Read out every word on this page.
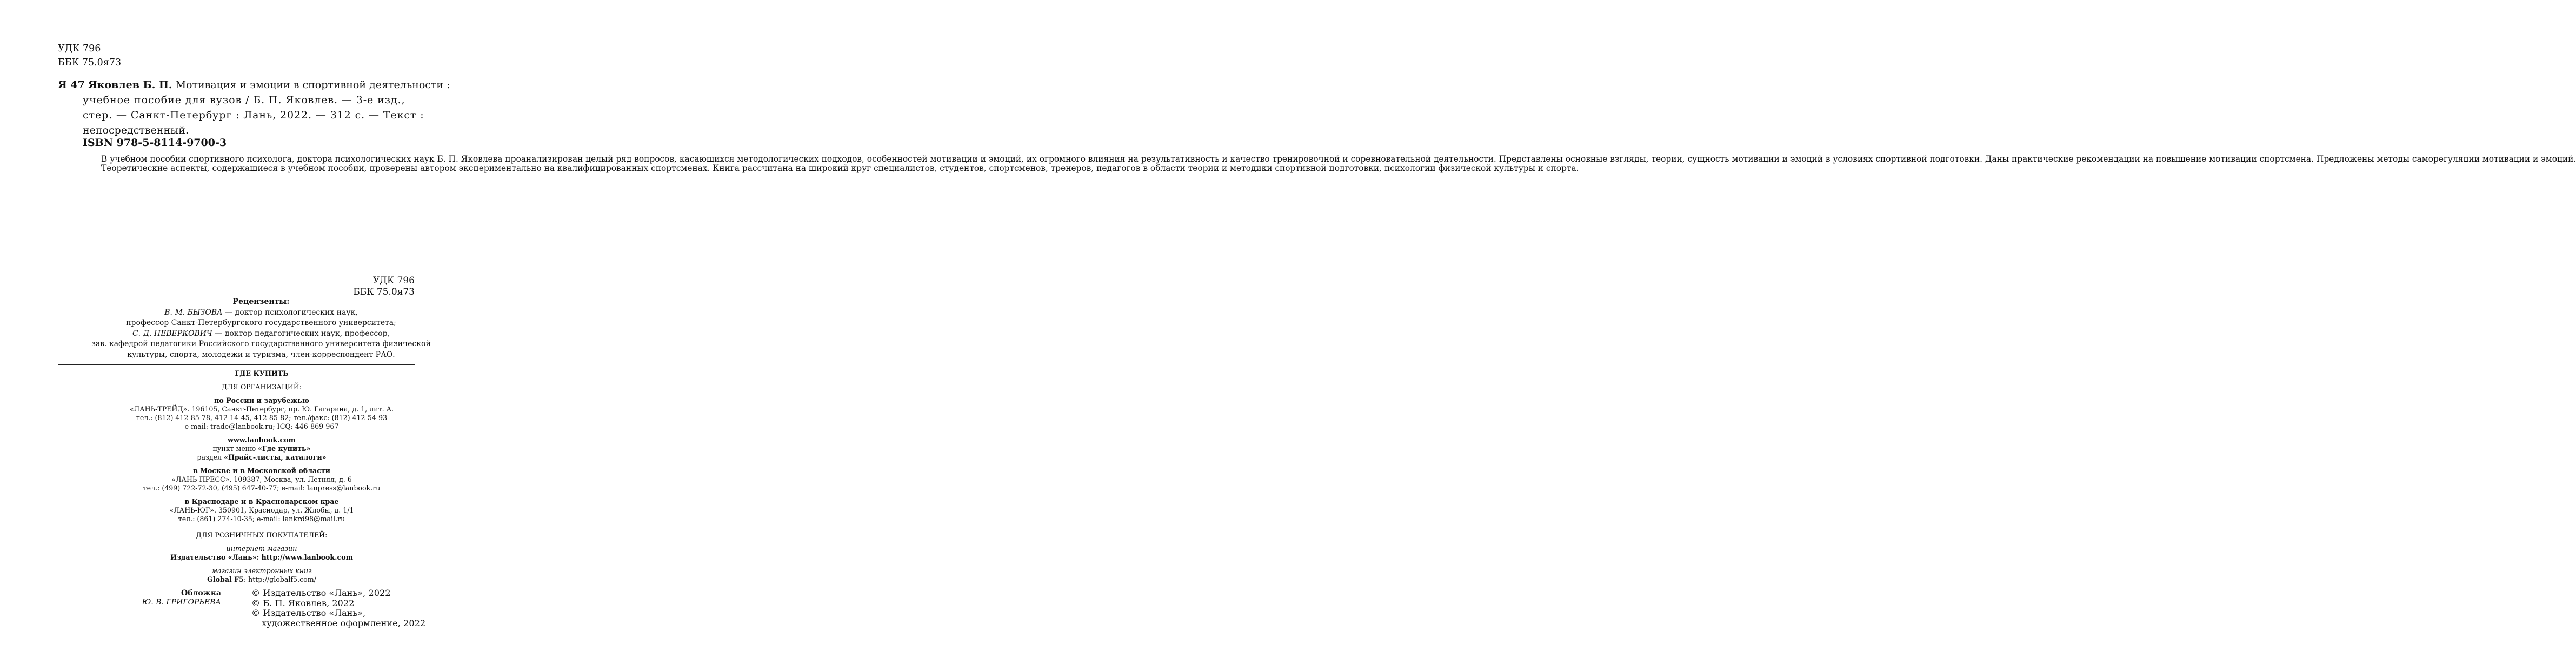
УДК 796
ББК 75.0я73
Я 47 Яковлев Б. П. Мотивация и эмоции в спортивной деятельности :
учебное пособие для вузов / Б. П. Яковлев. — 3-е изд.,
стер. — Санкт-Петербург : Лань, 2022. — 312 с. — Текст :
непосредственный.
ISBN 978-5-8114-9700-3

В учебном пособии спортивного психолога, доктора психологических наук Б. П. Яковлева проанализирован целый ряд вопросов, касающихся методологических подходов, особенностей мотивации и эмоций, их огромного влияния на результативность и качество тренировочной и соревновательной деятельности. Представлены основные взгляды, теории, сущность мотивации и эмоций в условиях спортивной подготовки. Даны практические рекомендации на повышение мотивации спортсмена. Предложены методы саморегуляции мотивации и эмоций.

Теоретические аспекты, содержащиеся в учебном пособии, проверены автором экспериментально на квалифицированных спортсменах. Книга рассчитана на широкий круг специалистов, студентов, спортсменов, тренеров, педагогов в области теории и методики спортивной подготовки, психологии физической культуры и спорта.

УДК 796
ББК 75.0я73
Рецензенты:
В. М. БЫЗОВА — доктор психологических наук,
профессор Санкт-Петербургского государственного университета;
С. Д. НЕВЕРКОВИЧ — доктор педагогических наук, профессор,
зав. кафедрой педагогики Российского государственного университета физической
культуры, спорта, молодежи и туризма, член-корреспондент РАО.
ГДЕ КУПИТЬ
ДЛЯ ОРГАНИЗАЦИЙ:
по России и зарубежью
«ЛАНЬ-ТРЕЙД». 196105, Санкт-Петербург, пр. Ю. Гагарина, д. 1, лит. А.
тел.: (812) 412-85-78, 412-14-45, 412-85-82; тел./факс: (812) 412-54-93
e-mail: trade@lanbook.ru; ICQ: 446-869-967
www.lanbook.com
пункт меню «Где купить»
раздел «Прайс-листы, каталоги»
в Москве и в Московской области
«ЛАНЬ-ПРЕСС». 109387, Москва, ул. Летняя, д. 6
тел.: (499) 722-72-30, (495) 647-40-77; e-mail: lanpress@lanbook.ru
в Краснодаре и в Краснодарском крае
«ЛАНЬ-ЮГ». 350901, Краснодар, ул. Жлобы, д. 1/1
тел.: (861) 274-10-35; e-mail: lankrd98@mail.ru
ДЛЯ РОЗНИЧНЫХ ПОКУПАТЕЛЕЙ:
интернет-магазин
Издательство «Лань»: http://www.lanbook.com
магазин электронных книг
Global F5: http://globalf5.com/
Обложка
Ю. В. ГРИГОРЬЕВА
© Издательство «Лань», 2022
© Б. П. Яковлев, 2022
© Издательство «Лань»,
художественное оформление, 2022
